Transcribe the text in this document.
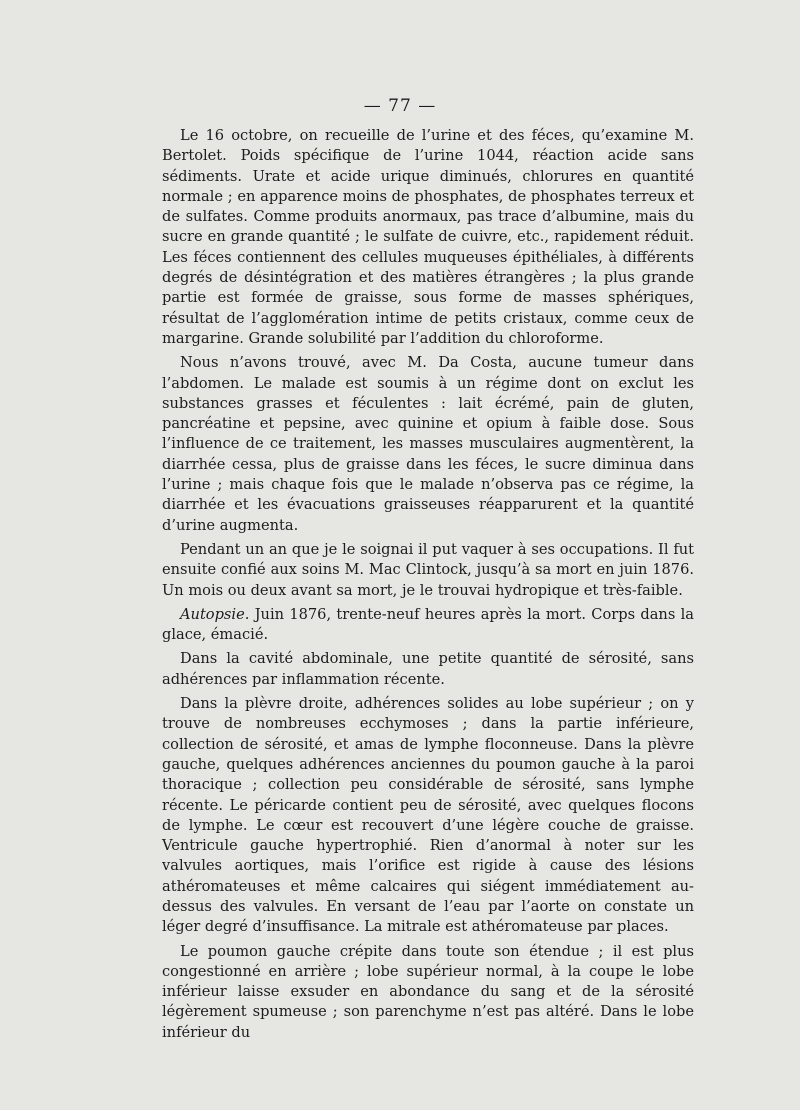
— 77 —

Le 16 octobre, on recueille de l’urine et des féces, qu’examine M. Bertolet. Poids spécifique de l’urine 1044, réaction acide sans sédiments. Urate et acide urique diminués, chlorures en quantité normale ; en apparence moins de phosphates, de phosphates terreux et de sulfates. Comme produits anormaux, pas trace d’albumine, mais du sucre en grande quantité ; le sulfate de cuivre, etc., rapidement réduit. Les féces contiennent des cellules muqueuses épithéliales, à différents degrés de désintégration et des matières étrangères ; la plus grande partie est formée de graisse, sous forme de masses sphériques, résultat de l’agglomération intime de petits cristaux, comme ceux de margarine. Grande solubilité par l’addition du chloroforme.

Nous n’avons trouvé, avec M. Da Costa, aucune tumeur dans l’abdomen. Le malade est soumis à un régime dont on exclut les substances grasses et féculentes : lait écrémé, pain de gluten, pancréatine et pepsine, avec quinine et opium à faible dose. Sous l’influence de ce traitement, les masses musculaires augmentèrent, la diarrhée cessa, plus de graisse dans les féces, le sucre diminua dans l’urine ; mais chaque fois que le malade n’observa pas ce régime, la diarrhée et les évacuations graisseuses réapparurent et la quantité d’urine augmenta.

Pendant un an que je le soignai il put vaquer à ses occupations. Il fut ensuite confié aux soins M. Mac Clintock, jusqu’à sa mort en juin 1876. Un mois ou deux avant sa mort, je le trouvai hydropique et très-faible.

Autopsie. Juin 1876, trente-neuf heures après la mort. Corps dans la glace, émacié.

Dans la cavité abdominale, une petite quantité de sérosité, sans adhérences par inflammation récente.

Dans la plèvre droite, adhérences solides au lobe supérieur ; on y trouve de nombreuses ecchymoses ; dans la partie inférieure, collection de sérosité, et amas de lymphe floconneuse. Dans la plèvre gauche, quelques adhérences anciennes du poumon gauche à la paroi thoracique ; collection peu considérable de sérosité, sans lymphe récente. Le péricarde contient peu de sérosité, avec quelques flocons de lymphe. Le cœur est recouvert d’une légère couche de graisse. Ventricule gauche hypertrophié. Rien d’anormal à noter sur les valvules aortiques, mais l’orifice est rigide à cause des lésions athéromateuses et même calcaires qui siégent immédiatement au-dessus des valvules. En versant de l’eau par l’aorte on constate un léger degré d’insuffisance. La mitrale est athéromateuse par places.

Le poumon gauche crépite dans toute son étendue ; il est plus congestionné en arrière ; lobe supérieur normal, à la coupe le lobe inférieur laisse exsuder en abondance du sang et de la sérosité légèrement spumeuse ; son parenchyme n’est pas altéré. Dans le lobe inférieur du
